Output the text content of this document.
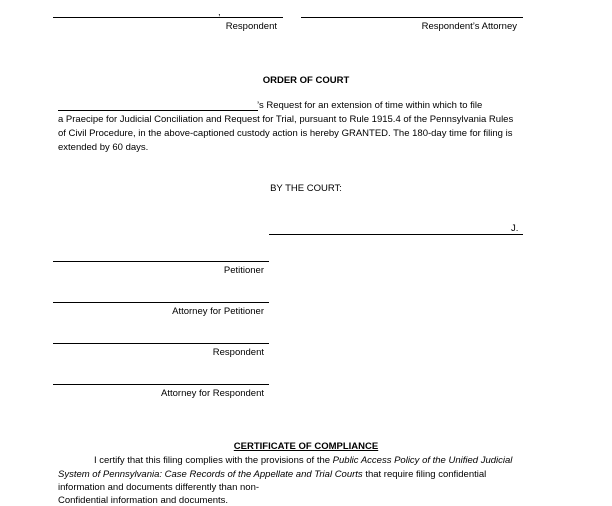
,
Respondent	Respondent’s Attorney
ORDER OF COURT
’s Request for an extension of time within which to file
a Praecipe for Judicial Conciliation and Request for Trial, pursuant to Rule 1915.4 of the Pennsylvania Rules
of Civil Procedure, in the above-captioned custody action is hereby GRANTED. The 180-day time for filing is
extended by 60 days.
BY THE COURT:
J.
Petitioner
Attorney for Petitioner
Respondent
Attorney for Respondent
CERTIFICATE OF COMPLIANCE
I certify that this filing complies with the provisions of the Public Access Policy of the Unified Judicial
System of Pennsylvania: Case Records of the Appellate and Trial Courts that require filing confidential
information and documents differently than non-
Confidential information and documents.
